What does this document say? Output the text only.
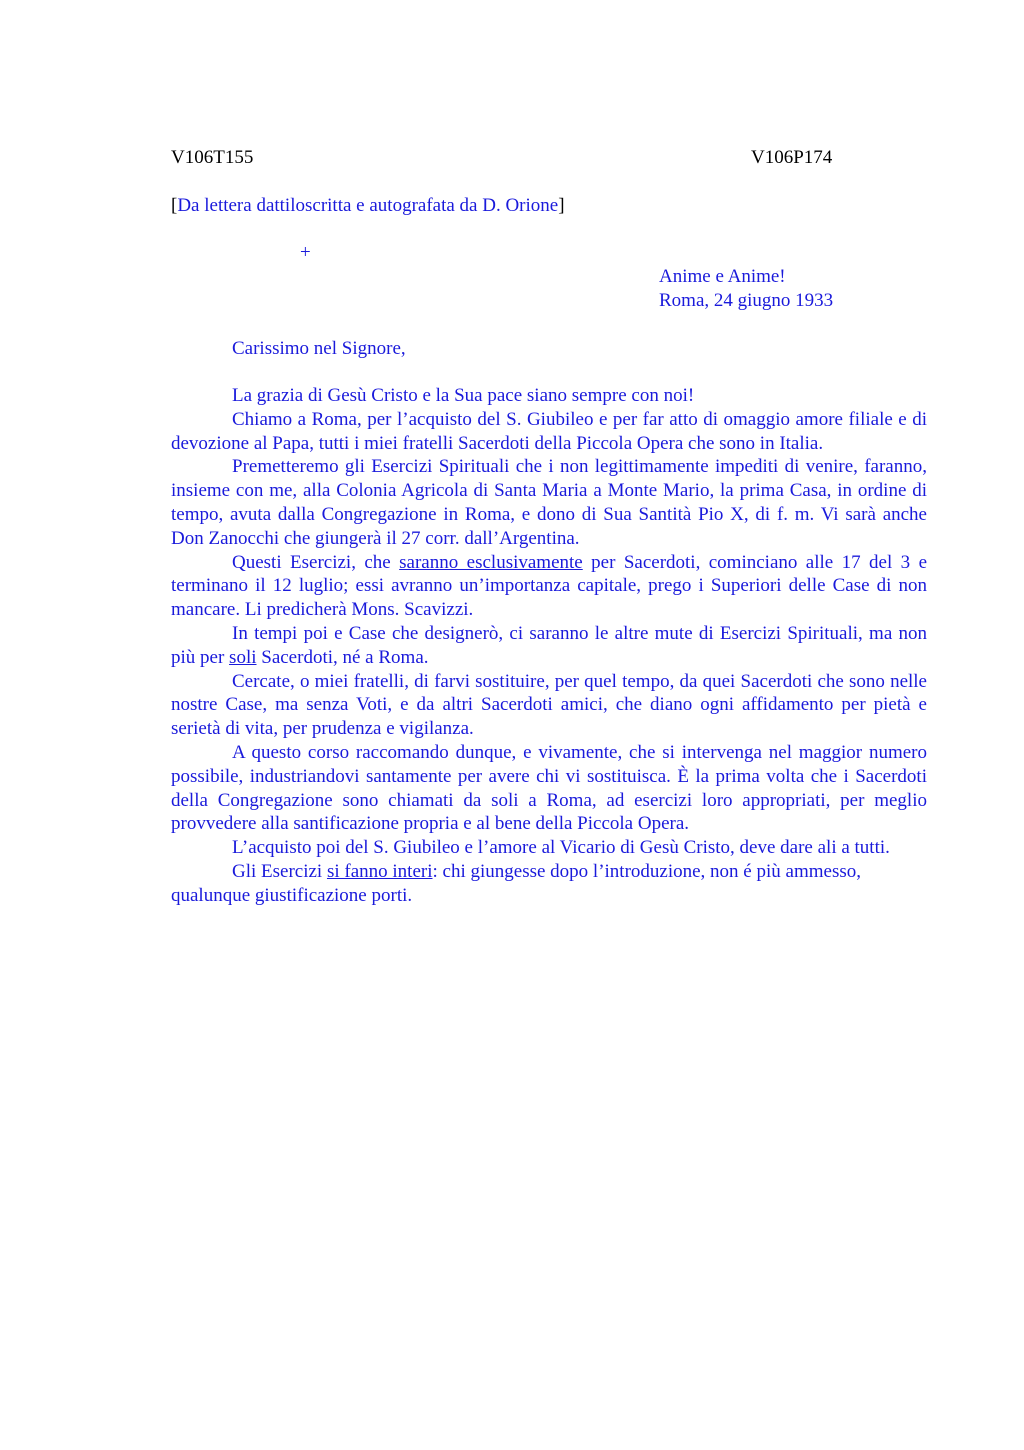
V106T155	V106P174
[Da lettera dattiloscritta e autografata da D. Orione]
+
Anime e Anime!
Roma, 24 giugno 1933
Carissimo nel Signore,

La grazia di Gesù Cristo e la Sua pace siano sempre con noi!

Chiamo a Roma, per l’acquisto del S. Giubileo e per far atto di omaggio amore filiale e di devozione al Papa, tutti i miei fratelli Sacerdoti della Piccola Opera che sono in Italia.

Premetteremo gli Esercizi Spirituali che i non legittimamente impediti di venire, faranno, insieme con me, alla Colonia Agricola di Santa Maria a Monte Mario, la prima Casa, in ordine di tempo, avuta dalla Congregazione in Roma, e dono di Sua Santità Pio X, di f. m. Vi sarà anche Don Zanocchi che giungerà il 27 corr. dall’Argentina.

Questi Esercizi, che saranno esclusivamente per Sacerdoti, cominciano alle 17 del 3 e terminano il 12 luglio; essi avranno un’importanza capitale, prego i Superiori delle Case di non mancare. Li predicherà Mons. Scavizzi.

In tempi poi e Case che designerò, ci saranno le altre mute di Esercizi Spirituali, ma non più per soli Sacerdoti, né a Roma.

Cercate, o miei fratelli, di farvi sostituire, per quel tempo, da quei Sacerdoti che sono nelle nostre Case, ma senza Voti, e da altri Sacerdoti amici, che diano ogni affidamento per pietà e serietà di vita, per prudenza e vigilanza.

A questo corso raccomando dunque, e vivamente, che si intervenga nel maggior numero possibile, industriandovi santamente per avere chi vi sostituisca. È la prima volta che i Sacerdoti della Congregazione sono chiamati da soli a Roma, ad esercizi loro appropriati, per meglio provvedere alla santificazione propria e al bene della Piccola Opera.

L’acquisto poi del S. Giubileo e l’amore al Vicario di Gesù Cristo, deve dare ali a tutti.

Gli Esercizi si fanno interi: chi giungesse dopo l’introduzione, non é più ammesso, qualunque giustificazione porti.
